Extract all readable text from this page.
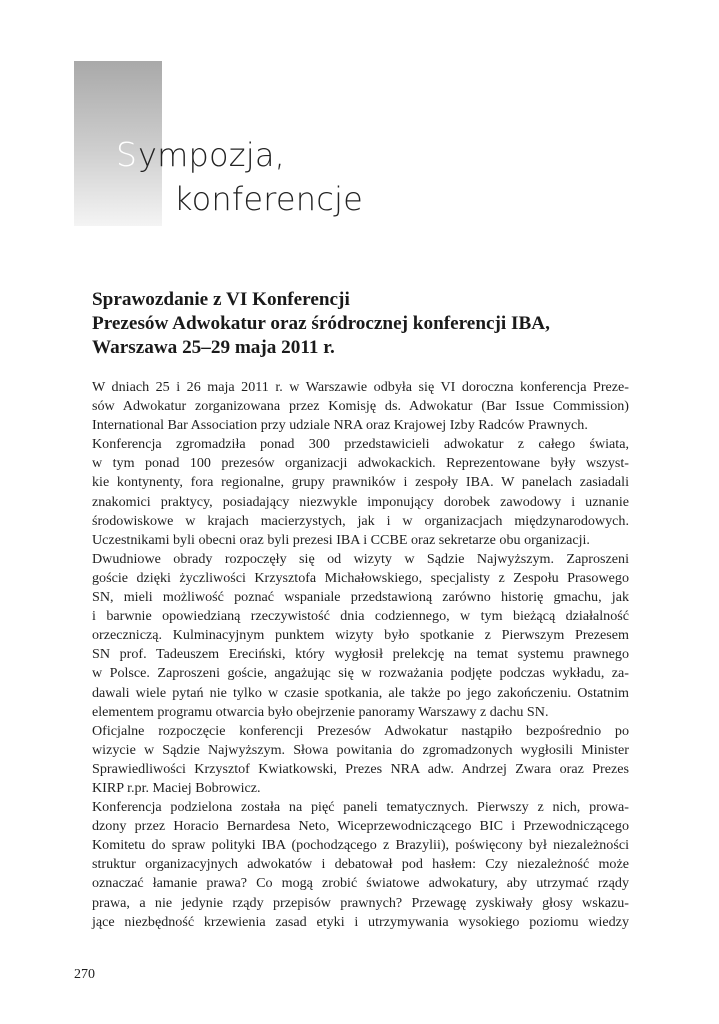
Sympozja,
konferencje
Sprawozdanie z VI Konferencji
Prezesów Adwokatur oraz śródrocznej konferencji IBA,
Warszawa 25–29 maja 2011 r.

W dniach 25 i 26 maja 2011 r. w Warszawie odbyła się VI doroczna konferencja Preze-
sów Adwokatur zorganizowana przez Komisję ds. Adwokatur (Bar Issue Commission)
International Bar Association przy udziale NRA oraz Krajowej Izby Radców Prawnych.

Konferencja zgromadziła ponad 300 przedstawicieli adwokatur z całego świata,
w tym ponad 100 prezesów organizacji adwokackich. Reprezentowane były wszyst-
kie kontynenty, fora regionalne, grupy prawników i zespoły IBA. W panelach zasiadali
znakomici praktycy, posiadający niezwykle imponujący dorobek zawodowy i uznanie
środowiskowe w krajach macierzystych, jak i w organizacjach międzynarodowych.
Uczestnikami byli obecni oraz byli prezesi IBA i CCBE oraz sekretarze obu organizacji.

Dwudniowe obrady rozpoczęły się od wizyty w Sądzie Najwyższym. Zaproszeni
goście dzięki życzliwości Krzysztofa Michałowskiego, specjalisty z Zespołu Prasowego
SN, mieli możliwość poznać wspaniale przedstawioną zarówno historię gmachu, jak
i barwnie opowiedzianą rzeczywistość dnia codziennego, w tym bieżącą działalność
orzeczniczą. Kulminacyjnym punktem wizyty było spotkanie z Pierwszym Prezesem
SN prof. Tadeuszem Ereciński, który wygłosił prelekcję na temat systemu prawnego
w Polsce. Zaproszeni goście, angażując się w rozważania podjęte podczas wykładu, za-
dawali wiele pytań nie tylko w czasie spotkania, ale także po jego zakończeniu. Ostatnim
elementem programu otwarcia było obejrzenie panoramy Warszawy z dachu SN.

Oficjalne rozpoczęcie konferencji Prezesów Adwokatur nastąpiło bezpośrednio po
wizycie w Sądzie Najwyższym. Słowa powitania do zgromadzonych wygłosili Minister
Sprawiedliwości Krzysztof Kwiatkowski, Prezes NRA adw. Andrzej Zwara oraz Prezes
KIRP r.pr. Maciej Bobrowicz.

Konferencja podzielona została na pięć paneli tematycznych. Pierwszy z nich, prowa-
dzony przez Horacio Bernardesa Neto, Wiceprzewodniczącego BIC i Przewodniczącego
Komitetu do spraw polityki IBA (pochodzącego z Brazylii), poświęcony był niezależności
struktur organizacyjnych adwokatów i debatował pod hasłem: Czy niezależność może
oznaczać łamanie prawa? Co mogą zrobić światowe adwokatury, aby utrzymać rządy
prawa, a nie jedynie rządy przepisów prawnych? Przewagę zyskiwały głosy wskazu-
jące niezbędność krzewienia zasad etyki i utrzymywania wysokiego poziomu wiedzy

270
